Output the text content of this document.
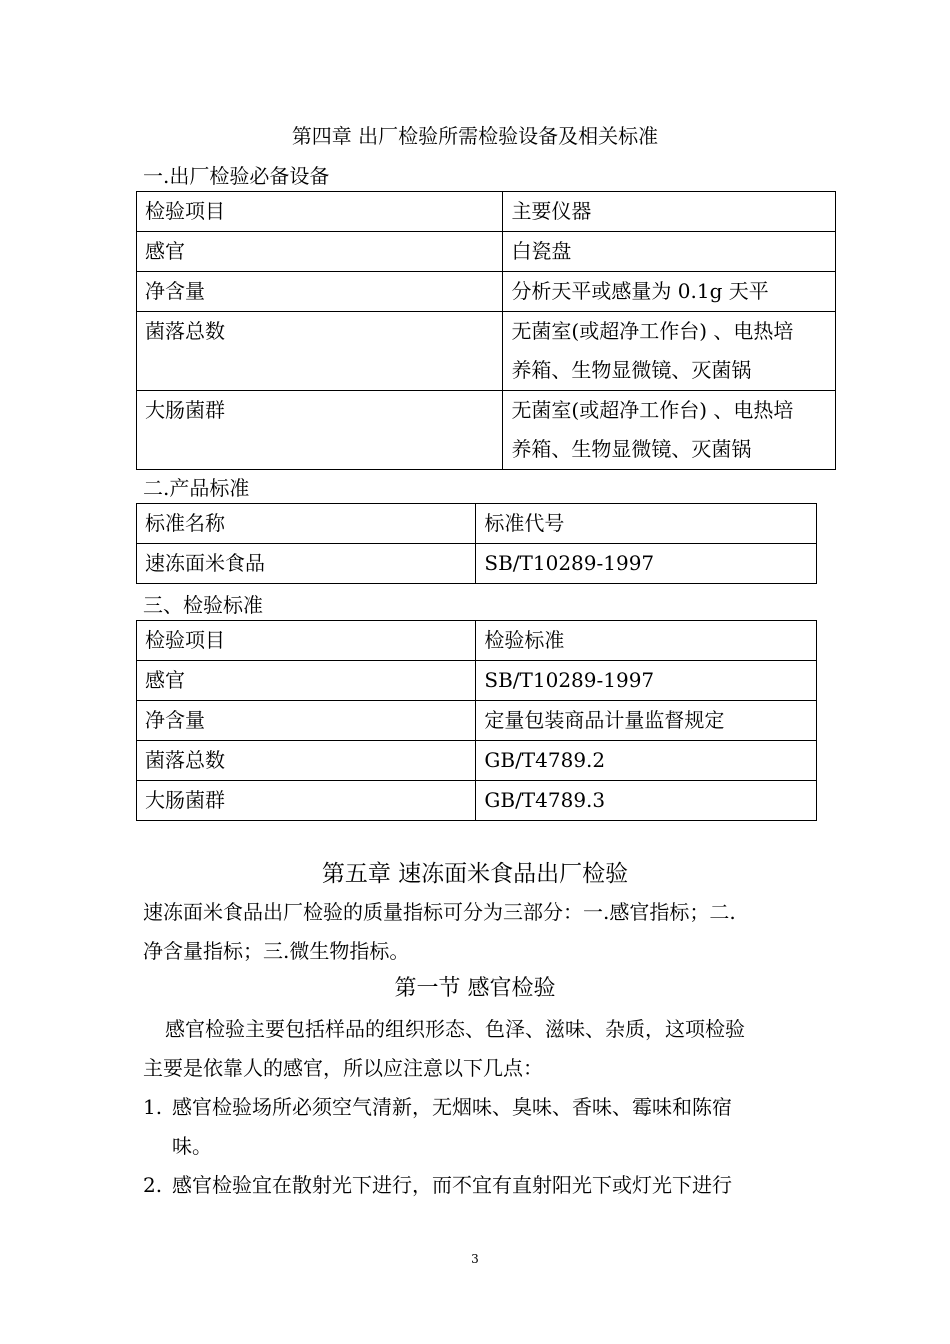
第四章 出厂检验所需检验设备及相关标准
一.出厂检验必备设备
检验项目	主要仪器
感官	白瓷盘

净含量	分析天平或感量为 0.1g 天平

菌落总数	无菌室(或超净工作台) 、电热培
养箱、生物显微镜、灭菌锅

大肠菌群	无菌室(或超净工作台) 、电热培
养箱、生物显微镜、灭菌锅
二.产品标准
标准名称	标准代号
速冻面米食品	SB/T10289-1997
三、检验标准
检验项目	检验标准
感官	SB/T10289-1997
净含量	定量包装商品计量监督规定
菌落总数	GB/T4789.2
大肠菌群	GB/T4789.3
第五章 速冻面米食品出厂检验
速冻面米食品出厂检验的质量指标可分为三部分：一.感官指标；二.
净含量指标；三.微生物指标。
第一节 感官检验
感官检验主要包括样品的组织形态、色泽、滋味、杂质，这项检验
主要是依靠人的感官，所以应注意以下几点：
1. 感官检验场所必须空气清新，无烟味、臭味、香味、霉味和陈宿
味。
2. 感官检验宜在散射光下进行，而不宜有直射阳光下或灯光下进行
3
